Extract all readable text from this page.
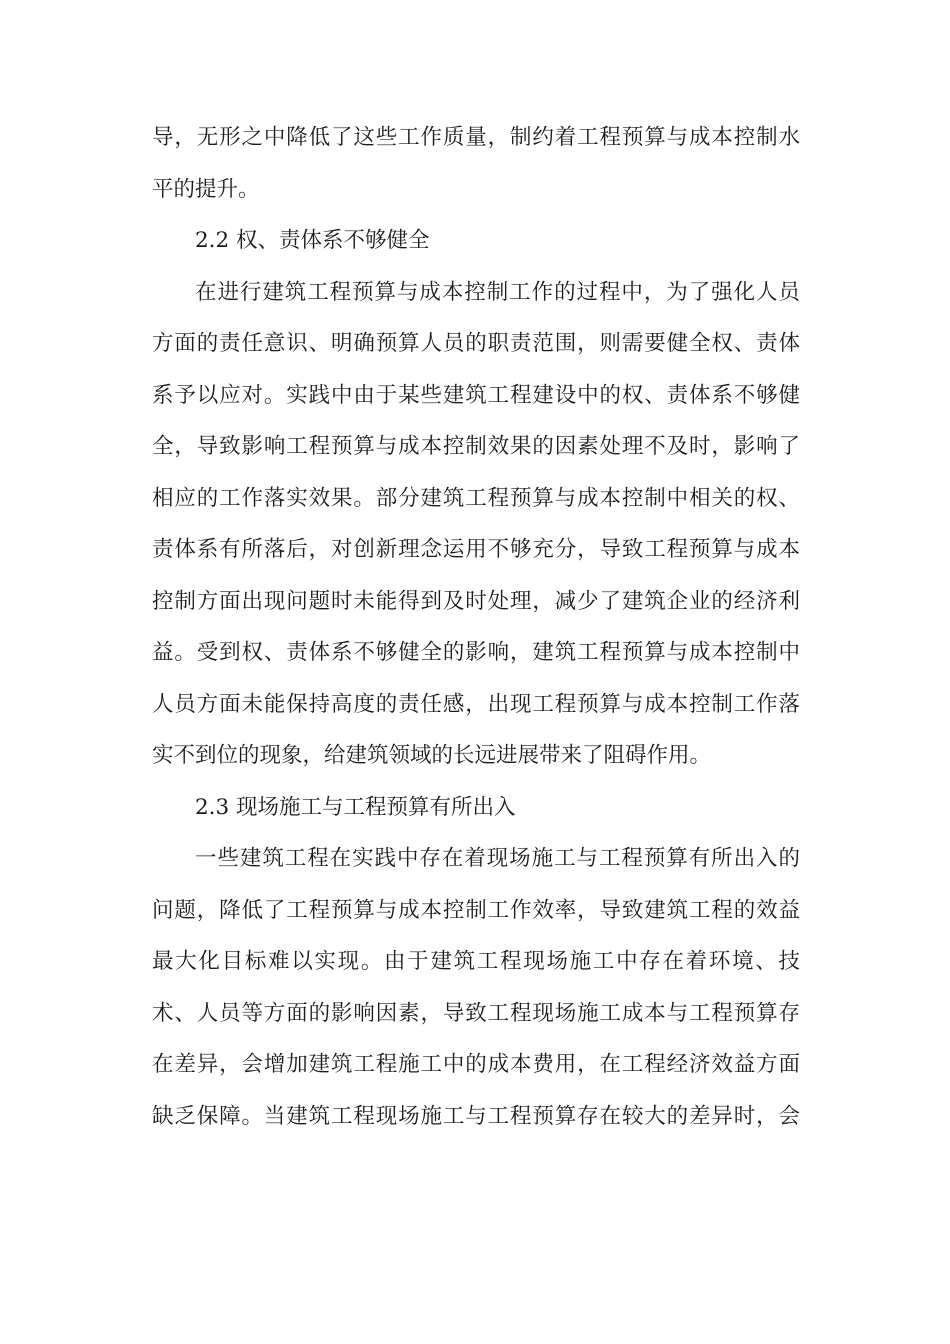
导，无形之中降低了这些工作质量，制约着工程预算与成本控制水
平的提升。
2.2 权、责体系不够健全
在进行建筑工程预算与成本控制工作的过程中，为了强化人员
方面的责任意识、明确预算人员的职责范围，则需要健全权、责体
系予以应对。实践中由于某些建筑工程建设中的权、责体系不够健
全，导致影响工程预算与成本控制效果的因素处理不及时，影响了
相应的工作落实效果。部分建筑工程预算与成本控制中相关的权、
责体系有所落后，对创新理念运用不够充分，导致工程预算与成本
控制方面出现问题时未能得到及时处理，减少了建筑企业的经济利
益。受到权、责体系不够健全的影响，建筑工程预算与成本控制中
人员方面未能保持高度的责任感，出现工程预算与成本控制工作落
实不到位的现象，给建筑领域的长远进展带来了阻碍作用。
2.3 现场施工与工程预算有所出入
一些建筑工程在实践中存在着现场施工与工程预算有所出入的
问题，降低了工程预算与成本控制工作效率，导致建筑工程的效益
最大化目标难以实现。由于建筑工程现场施工中存在着环境、技
术、人员等方面的影响因素，导致工程现场施工成本与工程预算存
在差异，会增加建筑工程施工中的成本费用，在工程经济效益方面
缺乏保障。当建筑工程现场施工与工程预算存在较大的差异时，会
